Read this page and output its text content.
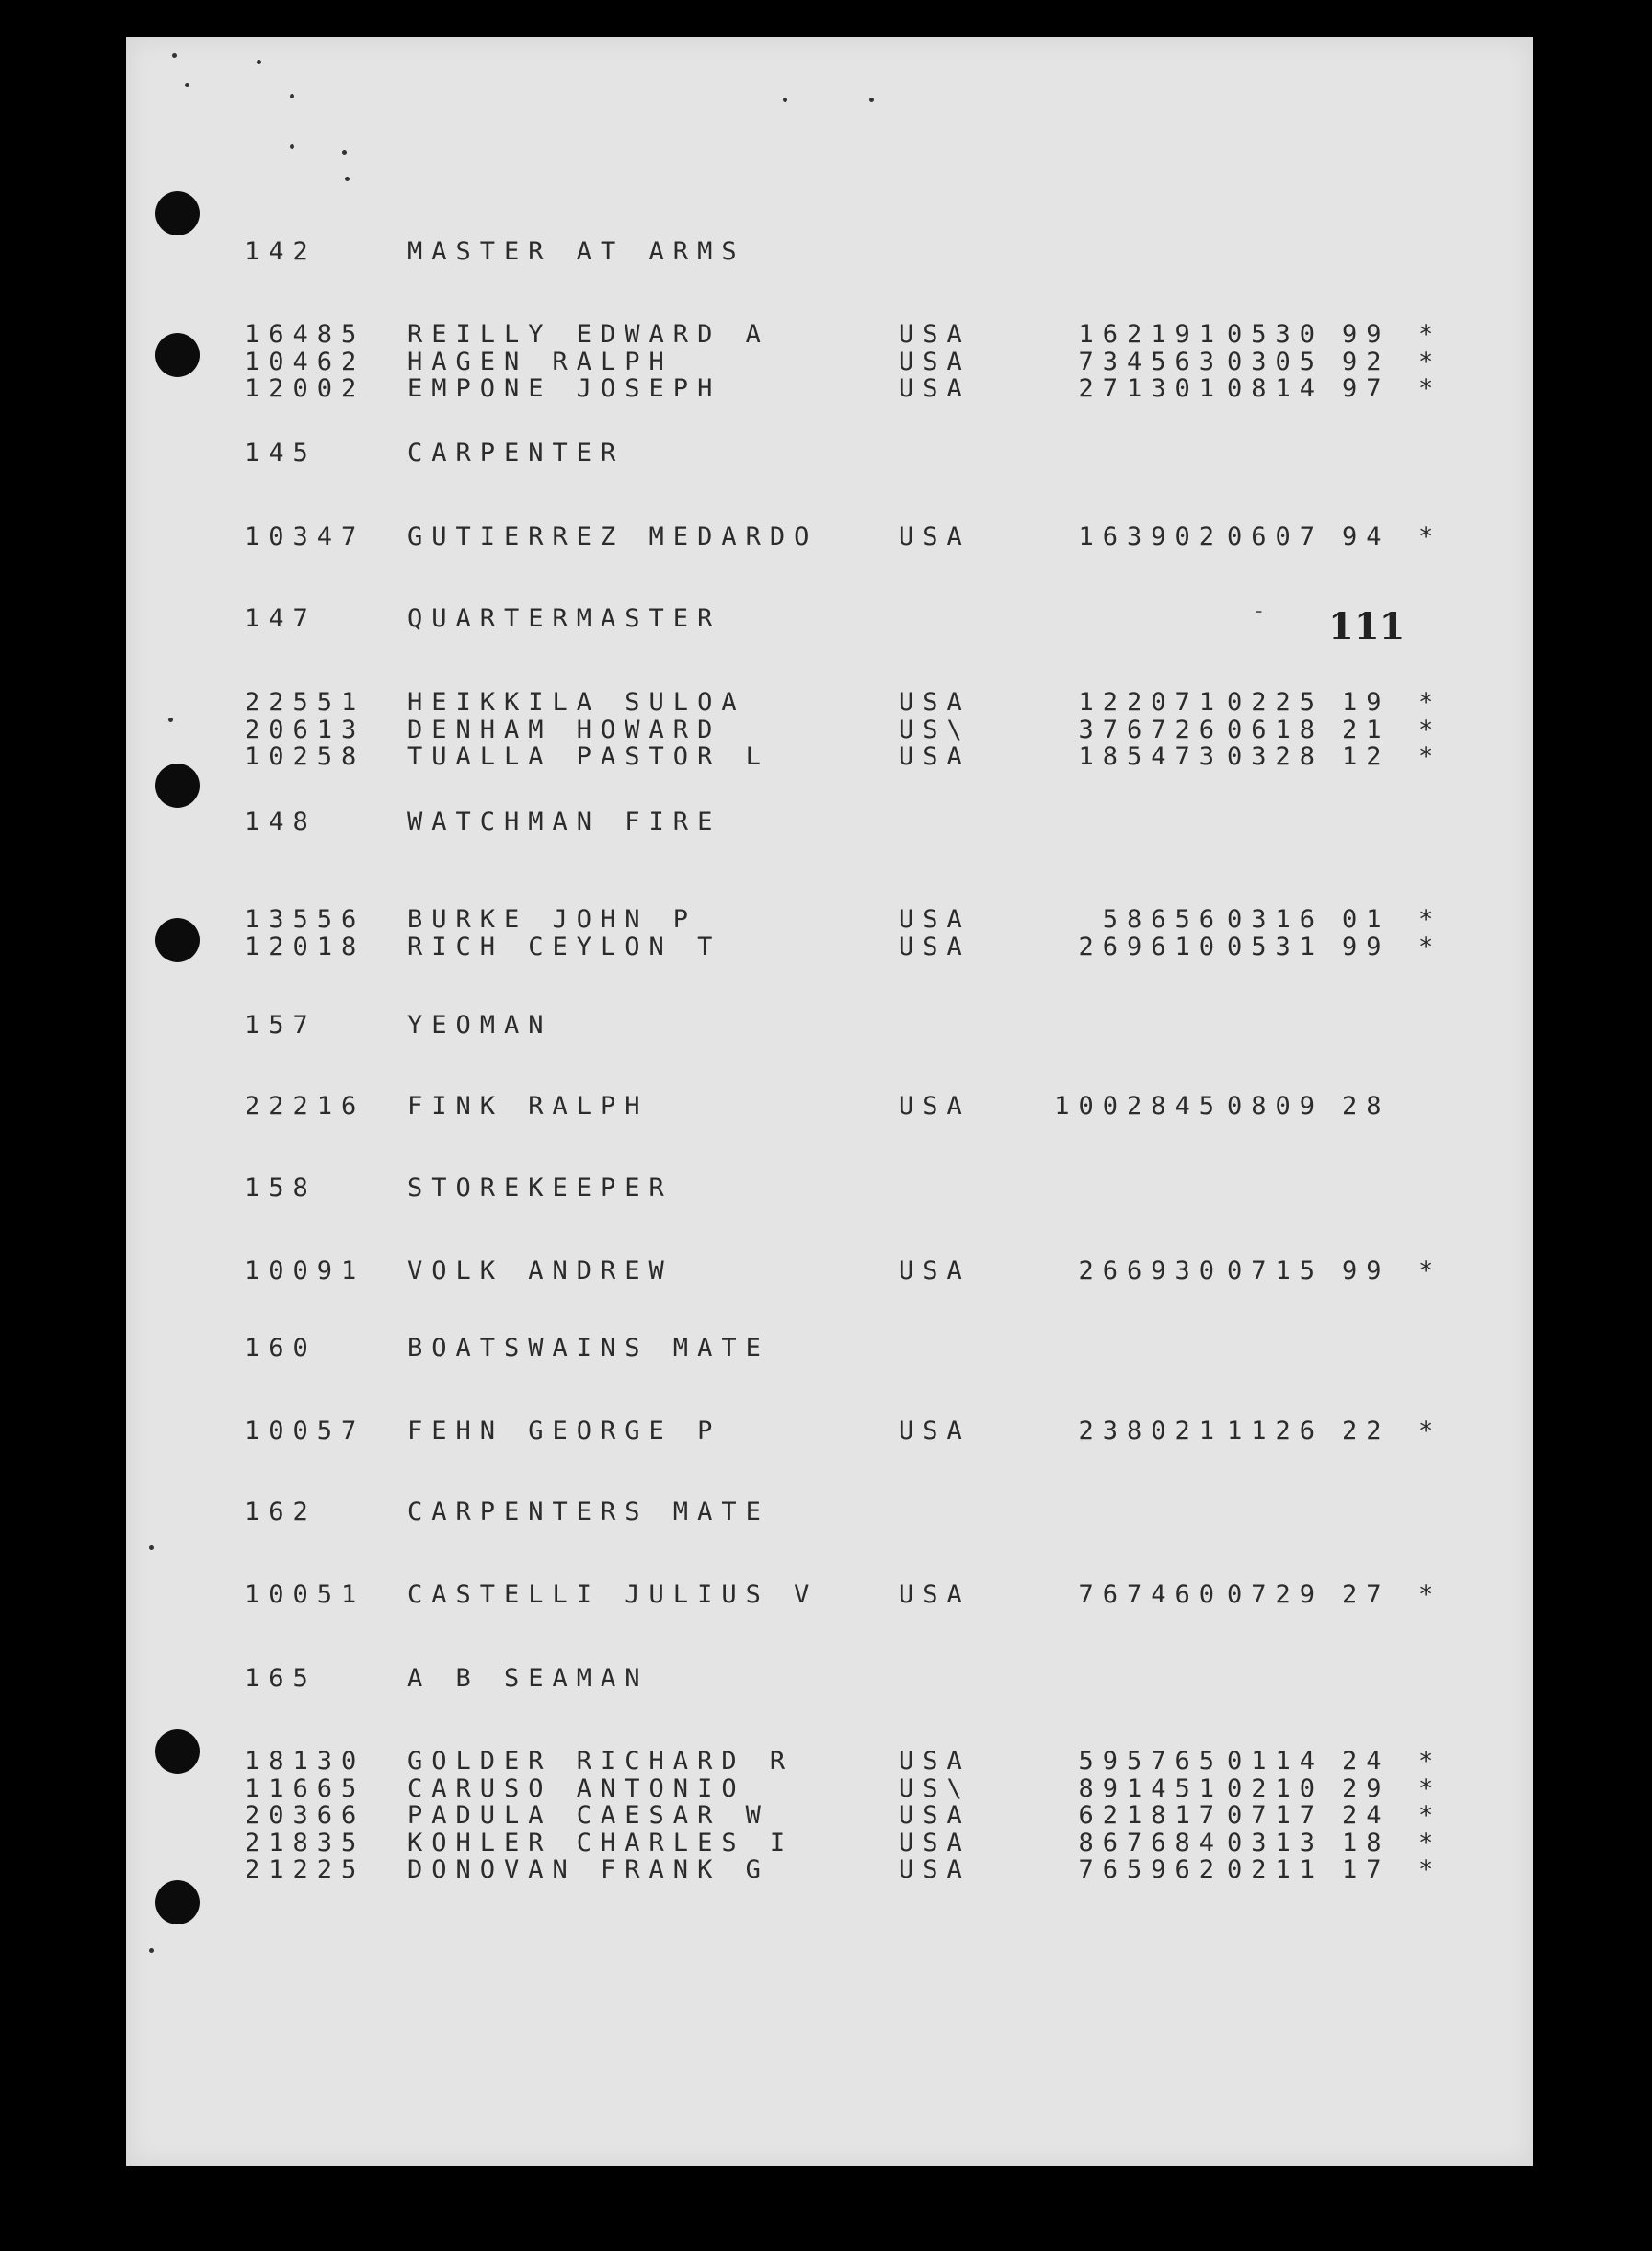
- 111
142	MASTER AT ARMS
16485 REILLY EDWARD A	USA	162191 0530 99 *
10462 HAGEN RALPH	USA	734563 0305 92 *
12002 EMPONE JOSEPH	USA	271301 0814 97 *
145	CARPENTER
10347 GUTIERREZ MEDARDO	USA	163902 0607 94 *
147	QUARTERMASTER
22551 HEIKKILA SULOA	USA	122071 0225 19 *
20613 DENHAM HOWARD	US\	376726 0618 21 *
10258 TUALLA PASTOR L	USA	185473 0328 12 *
148	WATCHMAN FIRE
13556 BURKE JOHN P	USA	58656 0316 01 *
12018 RICH CEYLON T	USA	269610 0531 99 *
157	YEOMAN
22216 FINK RALPH	USA	1002845 0809 28
158	STOREKEEPER
10091 VOLK ANDREW	USA	266930 0715 99 *
160	BOATSWAINS MATE
10057 FEHN GEORGE P	USA	238021 1126 22 *
162	CARPENTERS MATE
10051 CASTELLI JULIUS V	USA	767460 0729 27 *
165	A B SEAMAN
18130 GOLDER RICHARD R	USA	595765 0114 24 *
11665 CARUSO ANTONIO	US\	891451 0210 29 *
20366 PADULA CAESAR W	USA	621817 0717 24 *
21835 KOHLER CHARLES I	USA	867684 0313 18 *
21225 DONOVAN FRANK G	USA	765962 0211 17 *
